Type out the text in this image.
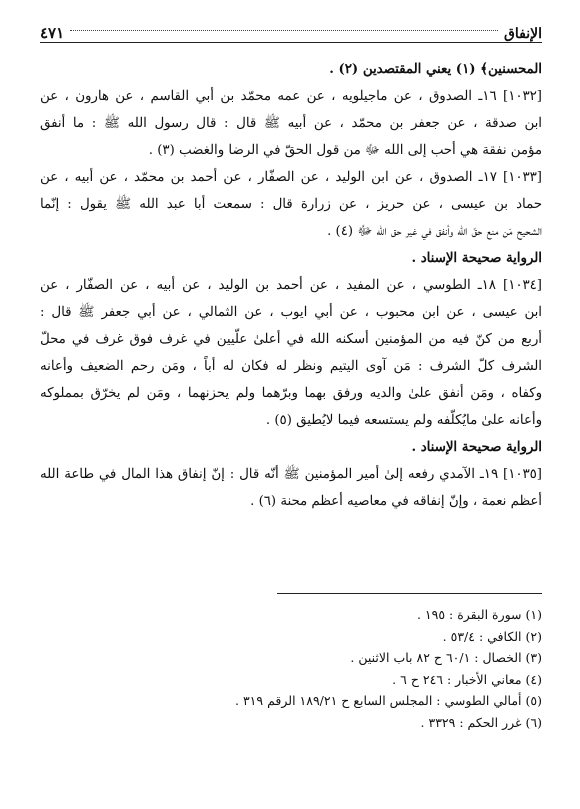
الإنفاق
٤٧١
المحسنين﴾ (١) يعني المقتصدين (٢) .
[١٠٣٢] ١٦ـ الصدوق ، عن ماجيلويه ، عن عمه محمّد بن أبي القاسم ، عن هارون ، عن
ابن صدقة ، عن جعفر بن محمّد ، عن أبيه ﷺ قال : قال رسول الله ﷺ : ما أنفق
مؤمن نفقة هي أحب إلى الله ﷻ من قول الحقّ في الرضا والغضب (٣) .
[١٠٣٣] ١٧ـ الصدوق ، عن ابن الوليد ، عن الصفّار ، عن أحمد بن محمّد ، عن أبيه ، عن
حماد بن عيسى ، عن حريز ، عن زرارة قال : سمعت أبا عبد الله ﷺ يقول : إنّما
الشحيح مَن منع حقّ الله وأنفق في غير حق الله ﷻ (٤) .
الرواية صحيحة الإسناد .
[١٠٣٤] ١٨ـ الطوسي ، عن المفيد ، عن أحمد بن الوليد ، عن أبيه ، عن الصفّار ، عن
ابن عيسى ، عن ابن محبوب ، عن أبي ايوب ، عن الثمالي ، عن أبي جعفر ﷺ قال :
أربع من كنّ فيه من المؤمنين أسكنه الله في أعلىٰ علّيين في غرف فوق غرف في محلّ
الشرف كلّ الشرف : مَن آوى اليتيم ونظر له فكان له أباً ، ومَن رحم الضعيف وأعانه
وكفاه ، ومَن أنفق علىٰ والديه ورفق بهما وبرّهما ولم يحزنهما ، ومَن لم يخرّق بمملوكه
وأعانه علىٰ مايُكلّفه ولم يستسعه فيما لايُطيق (٥) .
الرواية صحيحة الإسناد .
[١٠٣٥] ١٩ـ الآمدي رفعه إلىٰ أمير المؤمنين ﷺ أنّه قال : إنّ إنفاق هذا المال في طاعة الله
أعظم نعمة ، وإنّ إنفاقه في معاصيه أعظم محنة (٦) .
(١) سورة البقرة : ١٩٥ .
(٢) الكافي : ٥٣/٤ .
(٣) الخصال : ٦٠/١ ح ٨٢ باب الاثنين .
(٤) معاني الأخبار : ٢٤٦ ح ٦ .
(٥) أمالي الطوسي : المجلس السابع ح ١٨٩/٢١ الرقم ٣١٩ .
(٦) غرر الحكم : ٣٣٢٩ .
